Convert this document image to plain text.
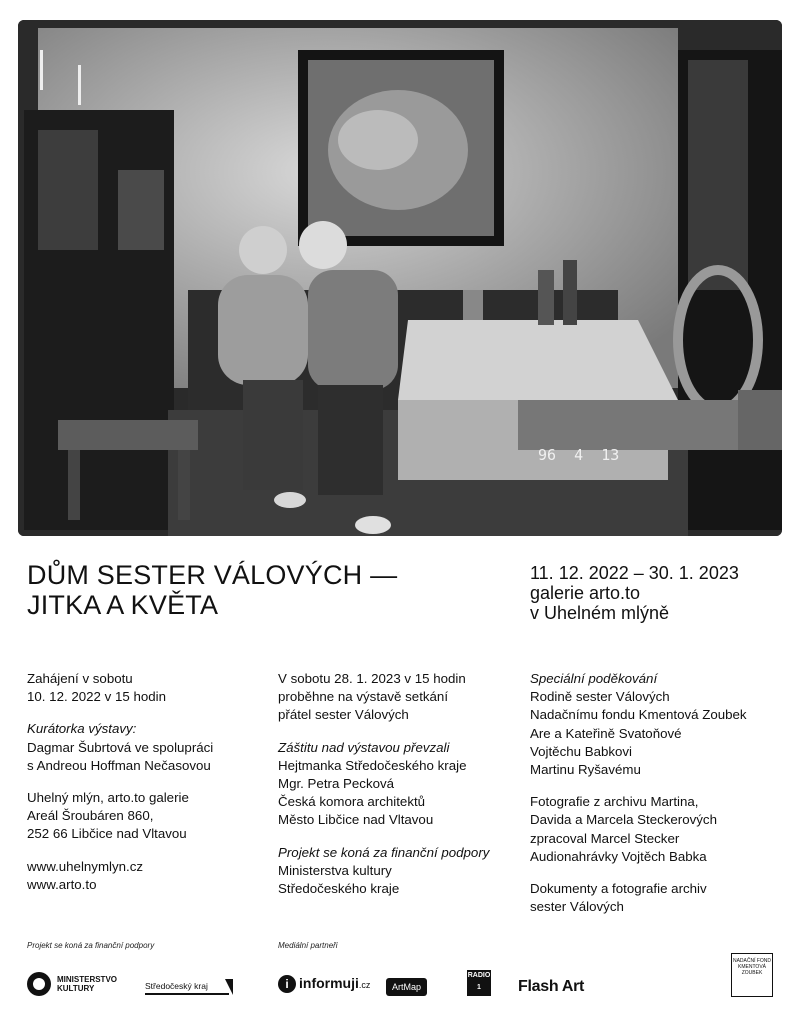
96  4  13
DŮM SESTER VÁLOVÝCH —
JITKA A KVĚTA
11. 12. 2022 – 30. 1. 2023
galerie arto.to
v Uhelném mlýně

Zahájení v sobotu
10. 12. 2022 v 15 hodin

Kurátorka výstavy:
Dagmar Šubrtová ve spolupráci
s Andreou Hoffman Nečasovou

Uhelný mlýn, arto.to galerie
Areál Šroubáren 860,
252 66 Libčice nad Vltavou

www.uhelnymlyn.cz
www.arto.to

V sobotu 28. 1. 2023 v 15 hodin
proběhne na výstavě setkání
přátel sester Válových

Záštitu nad výstavou převzali
Hejtmanka Středočeského kraje
Mgr. Petra Pecková
Česká komora architektů
Město Libčice nad Vltavou

Projekt se koná za finanční podpory
Ministerstva kultury
Středočeského kraje

Speciální poděkování
Rodině sester Válových
Nadačnímu fondu Kmentová Zoubek
Are a Kateřině Svatoňové
Vojtěchu Babkovi
Martinu Ryšavému

Fotografie z archivu Martina,
Davida a Marcela Steckerových
zpracoval Marcel Stecker
Audionahrávky Vojtěch Babka

Dokumenty a fotografie archiv
sester Válových

Projekt se koná za finanční podpory	Mediální partneři
MINISTERSTVO
KULTURY	Středočeský kraj	i informuji.cz	ArtMap
RADIO
1	Flash Art
NADAČNÍ FOND
KMENTOVÁ
ZOUBEK
